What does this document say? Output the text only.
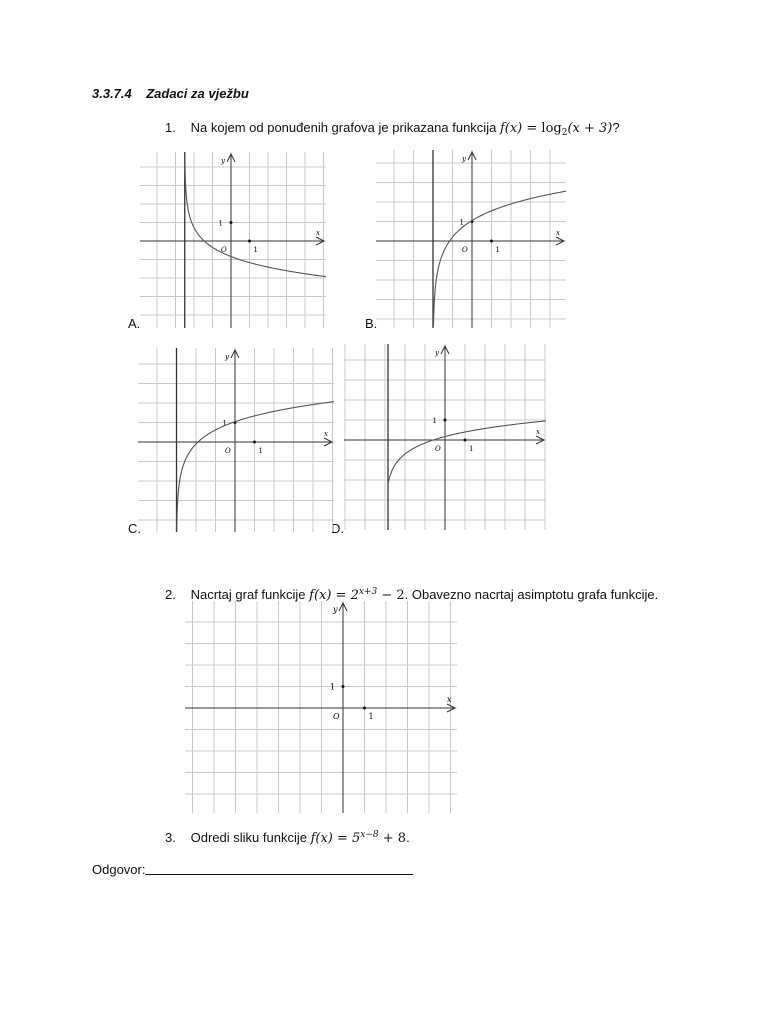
3.3.7.4 Zadaci za vježbu
1. Na kojem od ponuđenih grafova je prikazana funkcija $f(x) = \log_2(x + 3)$?
A.	B.
C.	D.
1
1
O
x
y
1
1
O
x
y
1
1
O
x
y
1
1
O
x
y
2. Nacrtaj graf funkcije $f(x) = 2^{x+3} - 2$. Obavezno nacrtaj asimptotu grafa funkcije.
1
1
O
x
y
3. Odredi sliku funkcije $f(x) = 5^{x-8} + 8$.
Odgovor:
